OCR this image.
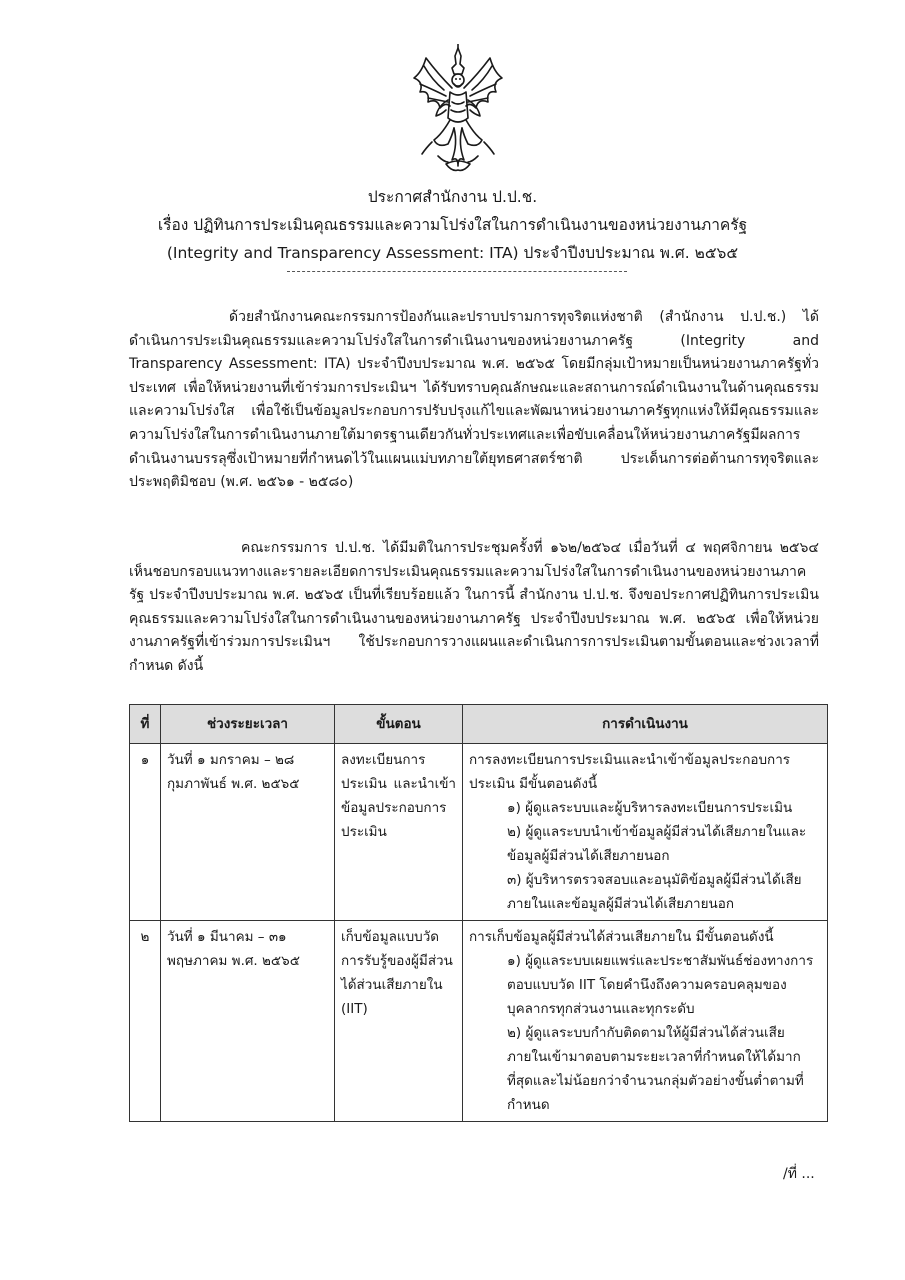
ประกาศสำนักงาน ป.ป.ช.
เรื่อง ปฏิทินการประเมินคุณธรรมและความโปร่งใสในการดำเนินงานของหน่วยงานภาครัฐ
(Integrity and Transparency Assessment: ITA) ประจำปีงบประมาณ พ.ศ. ๒๕๖๕

ด้วยสำนักงานคณะกรรมการป้องกันและปราบปรามการทุจริตแห่งชาติ (สำนักงาน ป.ป.ช.) ได้ดำเนินการประเมินคุณธรรมและความโปร่งใสในการดำเนินงานของหน่วยงานภาครัฐ (Integrity and Transparency Assessment: ITA) ประจำปีงบประมาณ พ.ศ. ๒๕๖๕ โดยมีกลุ่มเป้าหมายเป็นหน่วยงานภาครัฐทั่วประเทศ เพื่อให้หน่วยงานที่เข้าร่วมการประเมินฯ ได้รับทราบคุณลักษณะและสถานการณ์ดำเนินงานในด้านคุณธรรมและความโปร่งใส เพื่อใช้เป็นข้อมูลประกอบการปรับปรุงแก้ไขและพัฒนาหน่วยงานภาครัฐทุกแห่งให้มีคุณธรรมและความโปร่งใสในการดำเนินงานภายใต้มาตรฐานเดียวกันทั่วประเทศและเพื่อขับเคลื่อนให้หน่วยงานภาครัฐมีผลการดำเนินงานบรรลุซึ่งเป้าหมายที่กำหนดไว้ในแผนแม่บทภายใต้ยุทธศาสตร์ชาติ ประเด็นการต่อต้านการทุจริตและประพฤติมิชอบ (พ.ศ. ๒๕๖๑ - ๒๕๘๐)

คณะกรรมการ ป.ป.ช. ได้มีมติในการประชุมครั้งที่ ๑๖๒/๒๕๖๔ เมื่อวันที่ ๔ พฤศจิกายน ๒๕๖๔ เห็นชอบกรอบแนวทางและรายละเอียดการประเมินคุณธรรมและความโปร่งใสในการดำเนินงานของหน่วยงานภาครัฐ ประจำปีงบประมาณ พ.ศ. ๒๕๖๕ เป็นที่เรียบร้อยแล้ว ในการนี้ สำนักงาน ป.ป.ช. จึงขอประกาศปฏิทินการประเมินคุณธรรมและความโปร่งใสในการดำเนินงานของหน่วยงานภาครัฐ ประจำปีงบประมาณ พ.ศ. ๒๕๖๕ เพื่อให้หน่วยงานภาครัฐที่เข้าร่วมการประเมินฯ ใช้ประกอบการวางแผนและดำเนินการการประเมินตามขั้นตอนและช่วงเวลาที่กำหนด ดังนี้

ที่	ช่วงระยะเวลา	ขั้นตอน	การดำเนินงาน
๑	วันที่ ๑ มกราคม – ๒๘ กุมภาพันธ์ พ.ศ. ๒๕๖๕	ลงทะเบียนการประเมิน และนำเข้าข้อมูลประกอบการประเมิน	การลงทะเบียนการประเมินและนำเข้าข้อมูลประกอบการประเมิน มีขั้นตอนดังนี้
๑) ผู้ดูแลระบบและผู้บริหารลงทะเบียนการประเมิน
๒) ผู้ดูแลระบบนำเข้าข้อมูลผู้มีส่วนได้เสียภายในและข้อมูลผู้มีส่วนได้เสียภายนอก
๓) ผู้บริหารตรวจสอบและอนุมัติข้อมูลผู้มีส่วนได้เสียภายในและข้อมูลผู้มีส่วนได้เสียภายนอก

๒	วันที่ ๑ มีนาคม – ๓๑ พฤษภาคม พ.ศ. ๒๕๖๕	เก็บข้อมูลแบบวัดการรับรู้ของผู้มีส่วนได้ส่วนเสียภายใน (IIT)	การเก็บข้อมูลผู้มีส่วนได้ส่วนเสียภายใน มีขั้นตอนดังนี้
๑) ผู้ดูแลระบบเผยแพร่และประชาสัมพันธ์ช่องทางการตอบแบบวัด IIT โดยคำนึงถึงความครอบคลุมของบุคลากรทุกส่วนงานและทุกระดับ
๒) ผู้ดูแลระบบกำกับติดตามให้ผู้มีส่วนได้ส่วนเสียภายในเข้ามาตอบตามระยะเวลาที่กำหนดให้ได้มากที่สุดและไม่น้อยกว่าจำนวนกลุ่มตัวอย่างขั้นต่ำตามที่กำหนด
/ที่ ...
